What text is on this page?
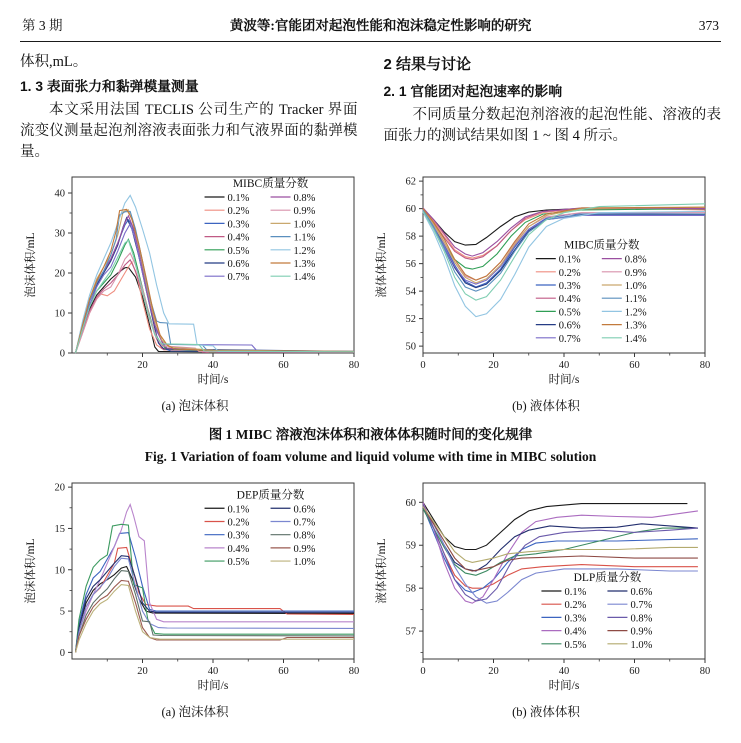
第 3 期	黄波等:官能团对起泡性能和泡沫稳定性影响的研究	373

体积,mL。

1. 3 表面张力和黏弹模量测量

本文采用法国 TECLIS 公司生产的 Tracker 界面流变仪测量起泡剂溶液表面张力和气液界面的黏弹模量。

2 结果与讨论
2. 1 官能团对起泡速率的影响

不同质量分数起泡剂溶液的起泡性能、溶液的表面张力的测试结果如图 1 ~ 图 4 所示。

20	40	60	80
0
10
20
30
40
时间/s
泡沫体积/mL
MIBC质量分数
0.1%
0.2%
0.3%
0.4%
0.5%
0.6%
0.7%
0.8%
0.9%
1.0%
1.1%
1.2%
1.3%
1.4%
(a) 泡沫体积
0	20	40	60	80
50
52
54
56
58
60
62
时间/s
液体体积/mL	MIBC质量分数
0.1%
0.2%
0.3%
0.4%
0.5%
0.6%
0.7%
0.8%
0.9%
1.0%
1.1%
1.2%
1.3%
1.4%
(b) 液体体积
图 1 MIBC 溶液泡沫体积和液体体积随时间的变化规律
Fig. 1 Variation of foam volume and liquid volume with time in MIBC solution
20	40	60	80
0
5
10
15
20
时间/s
泡沫体积/mL
DEP质量分数
0.1%
0.2%
0.3%
0.4%
0.5%
0.6%
0.7%
0.8%
0.9%
1.0%
(a) 泡沫体积
0	20	40	60	80
57
58
59
60
时间/s
液体体积/mL	DLP质量分数
0.1%
0.2%
0.3%
0.4%
0.5%
0.6%
0.7%
0.8%
0.9%
1.0%
(b) 液体体积
